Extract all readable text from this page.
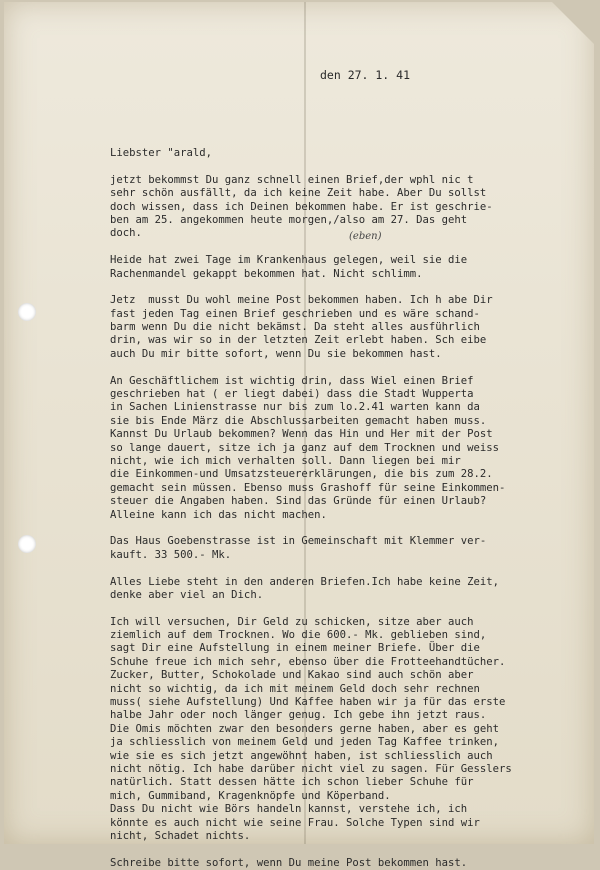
den 27. 1. 41
(eben)
Liebster "arald,
jetzt bekommst Du ganz schnell einen Brief,der wphl nic t
sehr schön ausfällt, da ich keine Zeit habe. Aber Du sollst
doch wissen, dass ich Deinen bekommen habe. Er ist geschrie-
ben am 25. angekommen heute morgen,/also am 27. Das geht
doch.
Heide hat zwei Tage im Krankenhaus gelegen, weil sie die
Rachenmandel gekappt bekommen hat. Nicht schlimm.
Jetz  musst Du wohl meine Post bekommen haben. Ich h abe Dir
fast jeden Tag einen Brief geschrieben und es wäre schand-
barm wenn Du die nicht bekämst. Da steht alles ausführlich
drin, was wir so in der letzten Zeit erlebt haben. Sch eibe
auch Du mir bitte sofort, wenn Du sie bekommen hast.
An Geschäftlichem ist wichtig drin, dass Wiel einen Brief
geschrieben hat ( er liegt dabei) dass die Stadt Wupperta
in Sachen Linienstrasse nur bis zum lo.2.41 warten kann da
sie bis Ende März die Abschlussarbeiten gemacht haben muss.
Kannst Du Urlaub bekommen? Wenn das Hin und Her mit der Post
so lange dauert, sitze ich ja ganz auf dem Trocknen und weiss
nicht, wie ich mich verhalten soll. Dann liegen bei mir
die Einkommen-und Umsatzsteuererklärungen, die bis zum 28.2.
gemacht sein müssen. Ebenso muss Grashoff für seine Einkommen-
steuer die Angaben haben. Sind das Gründe für einen Urlaub?
Alleine kann ich das nicht machen.
Das Haus Goebenstrasse ist in Gemeinschaft mit Klemmer ver-
kauft. 33 500.- Mk.
Alles Liebe steht in den anderen Briefen.Ich habe keine Zeit,
denke aber viel an Dich.
Ich will versuchen, Dir Geld zu schicken, sitze aber auch
ziemlich auf dem Trocknen. Wo die 600.- Mk. geblieben sind,
sagt Dir eine Aufstellung in einem meiner Briefe. Über die
Schuhe freue ich mich sehr, ebenso über die Frotteehandtücher.
Zucker, Butter, Schokolade und Kakao sind auch schön aber
nicht so wichtig, da ich mit meinem Geld doch sehr rechnen
muss( siehe Aufstellung) Und Kaffee haben wir ja für das erste
halbe Jahr oder noch länger genug. Ich gebe ihn jetzt raus.
Die Omis möchten zwar den besonders gerne haben, aber es geht
ja schliesslich von meinem Geld und jeden Tag Kaffee trinken,
wie sie es sich jetzt angewöhnt haben, ist schliesslich auch
nicht nötig. Ich habe darüber nicht viel zu sagen. Für Gesslers
natürlich. Statt dessen hätte ich schon lieber Schuhe für
mich, Gummiband, Kragenknöpfe und Köperband.
Dass Du nicht wie Börs handeln kannst, verstehe ich, ich
könnte es auch nicht wie seine Frau. Solche Typen sind wir
nicht, Schadet nichts.
Schreibe bitte sofort, wenn Du meine Post bekommen hast.
